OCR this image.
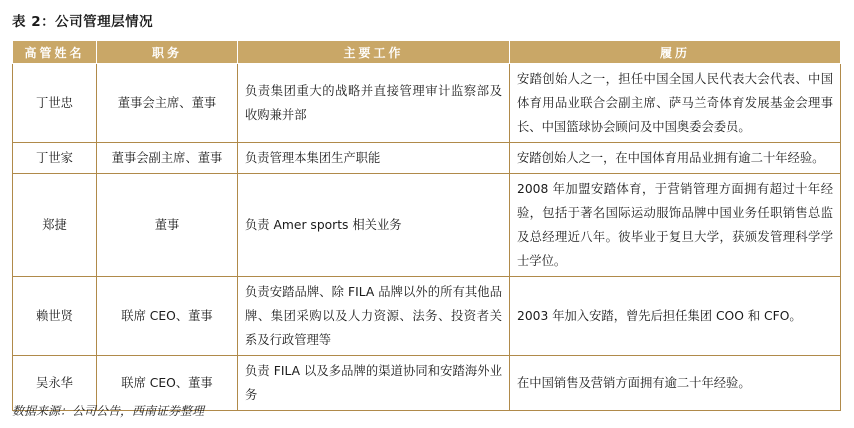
表 2：公司管理层情况
高管姓名	职务	主要工作	履历
丁世忠	董事会主席、董事	负责集团重大的战略并直接管理审计监察部及收购兼并部	安踏创始人之一，担任中国全国人民代表大会代表、中国体育用品业联合会副主席、萨马兰奇体育发展基金会理事长、中国篮球协会顾问及中国奥委会委员。
丁世家	董事会副主席、董事	负责管理本集团生产职能	安踏创始人之一，在中国体育用品业拥有逾二十年经验。
郑捷	董事	负责 Amer sports 相关业务	2008 年加盟安踏体育，于营销管理方面拥有超过十年经验，包括于著名国际运动服饰品牌中国业务任职销售总监及总经理近八年。彼毕业于复旦大学，获颁发管理科学学士学位。
赖世贤	联席 CEO、董事	负责安踏品牌、除 FILA 品牌以外的所有其他品牌、集团采购以及人力资源、法务、投资者关系及行政管理等	2003 年加入安踏，曾先后担任集团 COO 和 CFO。
吴永华	联席 CEO、董事	负责 FILA 以及多品牌的渠道协同和安踏海外业务	在中国销售及营销方面拥有逾二十年经验。
数据来源：公司公告，西南证券整理
